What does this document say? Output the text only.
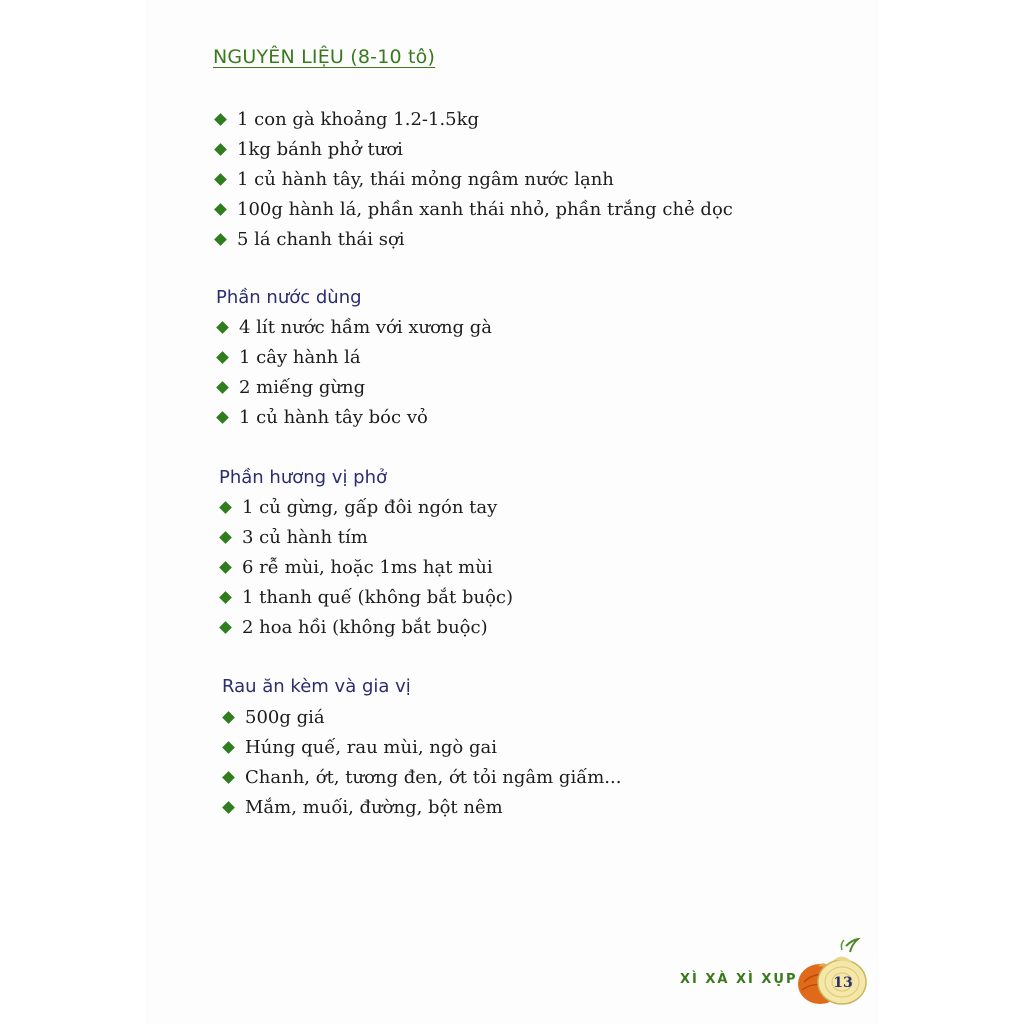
NGUYÊN LIỆU (8-10 tô)
1 con gà khoảng 1.2-1.5kg
1kg bánh phở tươi
1 củ hành tây, thái mỏng ngâm nước lạnh
100g hành lá, phần xanh thái nhỏ, phần trắng chẻ dọc
5 lá chanh thái sợi
Phần nước dùng
4 lít nước hầm với xương gà
1 cây hành lá
2 miếng gừng
1 củ hành tây bóc vỏ
Phần hương vị phở
1 củ gừng, gấp đôi ngón tay
3 củ hành tím
6 rễ mùi, hoặc 1ms hạt mùi
1 thanh quế (không bắt buộc)
2 hoa hồi (không bắt buộc)
Rau ăn kèm và gia vị
500g giá
Húng quế, rau mùi, ngò gai
Chanh, ớt, tương đen, ớt tỏi ngâm giấm...
Mắm, muối, đường, bột nêm
XÌ XÀ XÌ XỤP	13
